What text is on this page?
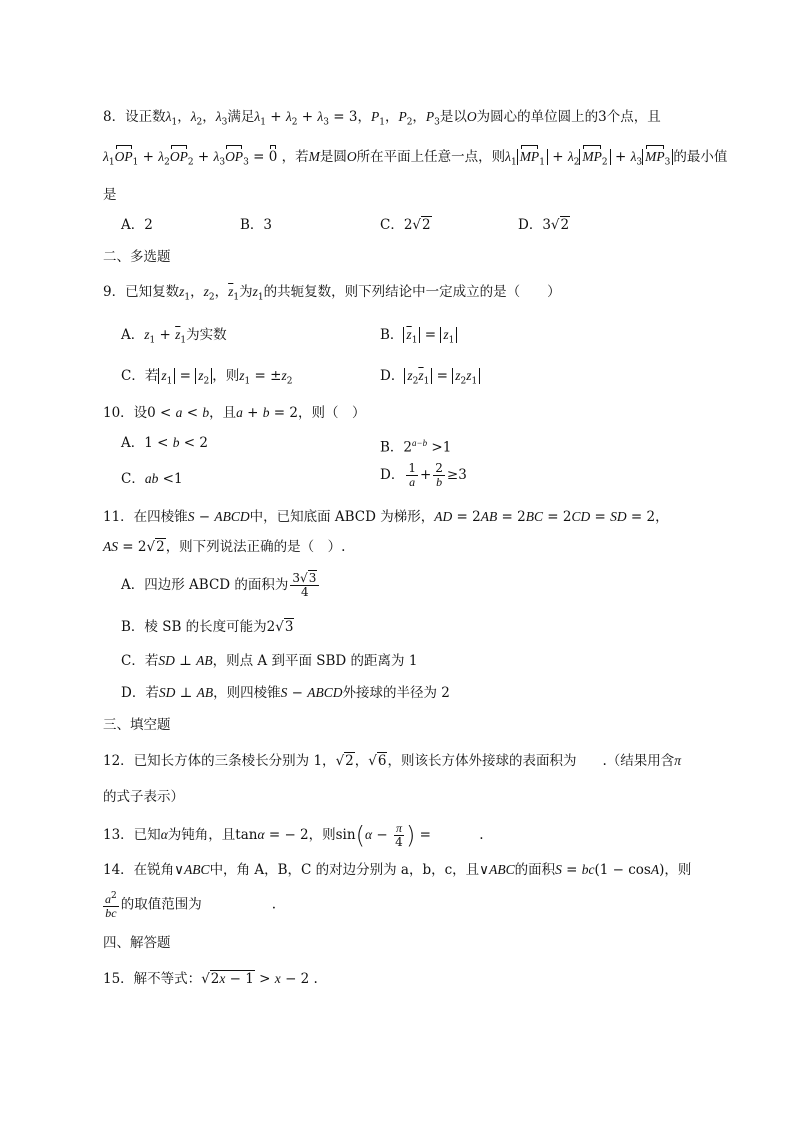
8．设正数$\lambda_1$，$\lambda_2$，$\lambda_3$满足$\lambda_1 + \lambda_2 + \lambda_3 = 3$，$P_1$，$P_2$，$P_3$是以O为圆心的单位圆上的3个点，且
$\lambda_1OP_1 + \lambda_2OP_2 + \lambda_3OP_3 = 0$ ，若M是圆O所在平面上任意一点，则$\lambda_1$ $MP_1 + \lambda_2$ $MP_2 + \lambda_3$ $MP_3$ 的最小值
是
A．2	B．3	C．2√2	D．3√2
二、多选题
9．已知复数$z_1$，$z_2$，$\overline{z}_1$为$z_1$的共轭复数，则下列结论中一定成立的是（　　）
A．$z_1 + \overline{z}_1$为实数	B． $\overline{z}_1 = z_1$
C．若 $z_1 = z_2$ ，则$z_1 = \pm z_2$	D． $z_2\overline{z}_1 = z_2z_1$
10．设0 < a < b，且a + b = 2，则（　）
A．1 < b < 2	B．$2^{a-b} >1$
C．ab <1	D． $\frac{1}{a} + \frac{2}{b} \ge 3$
11．在四棱锥S − ABCD中，已知底面 ABCD 为梯形，AD = 2AB = 2BC = 2CD = SD = 2，
AS = 2√2，则下列说法正确的是（　）.
A．四边形 ABCD 的面积为 $\frac{3√3}{4}$
B．棱 SB 的长度可能为2√3
C．若SD ⊥ AB，则点 A 到平面 SBD 的距离为 1
D．若SD ⊥ AB，则四棱锥S − ABCD外接球的半径为 2
三、填空题
12．已知长方体的三条棱长分别为 1，√2，√6，则该长方体外接球的表面积为 .（结果用含π
的式子表示）
13．已知α为钝角，且tanα = − 2，则$\sin(\alpha - \frac{\pi}{4}$ ) =	.
14．在锐角∨ABC中，角 A，B，C 的对边分别为 a，b，c，且∨ABC的面积S = bc(1 − cosA)，则
$\frac{a^2}{bc}$ 的取值范围为	.
四、解答题
15．解不等式：√2x − 1 > x − 2 .
